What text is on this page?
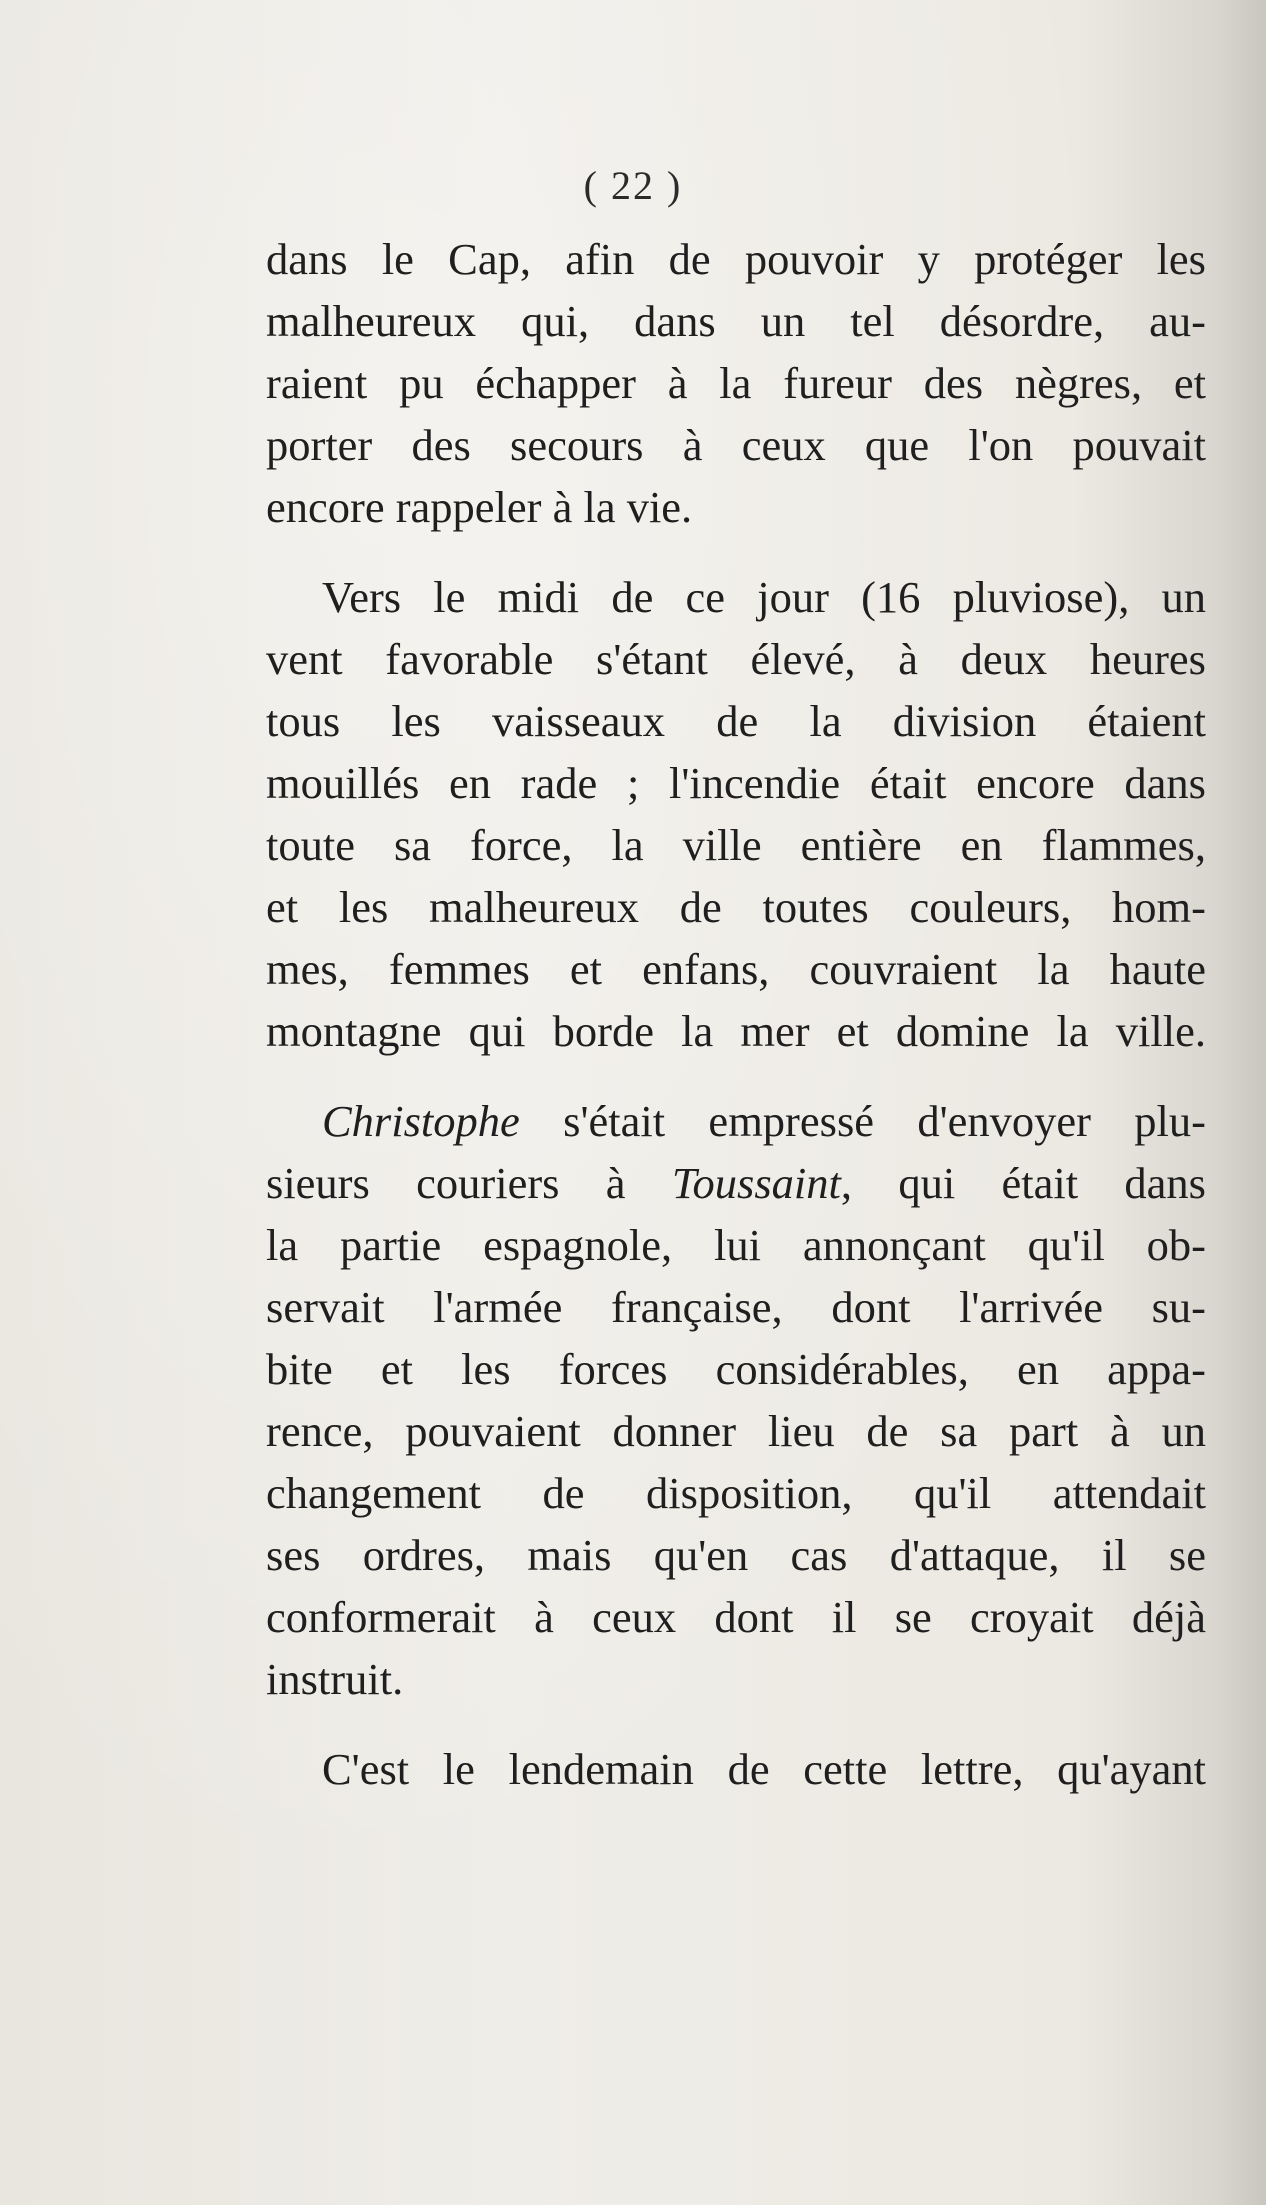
( 22 )

dans le Cap, afin de pouvoir y protéger les
malheureux qui, dans un tel désordre, au-
raient pu échapper à la fureur des nègres, et
porter des secours à ceux que l'on pouvait
encore rappeler à la vie.

Vers le midi de ce jour (16 pluviose), un
vent favorable s'étant élevé, à deux heures
tous les vaisseaux de la division étaient
mouillés en rade ; l'incendie était encore dans
toute sa force, la ville entière en flammes,
et les malheureux de toutes couleurs, hom-
mes, femmes et enfans, couvraient la haute
montagne qui borde la mer et domine la ville.

Christophe s'était empressé d'envoyer plu-
sieurs couriers à Toussaint, qui était dans
la partie espagnole, lui annonçant qu'il ob-
servait l'armée française, dont l'arrivée su-
bite et les forces considérables, en appa-
rence, pouvaient donner lieu de sa part à un
changement de disposition, qu'il attendait
ses ordres, mais qu'en cas d'attaque, il se
conformerait à ceux dont il se croyait déjà
instruit.

C'est le lendemain de cette lettre, qu'ayant
